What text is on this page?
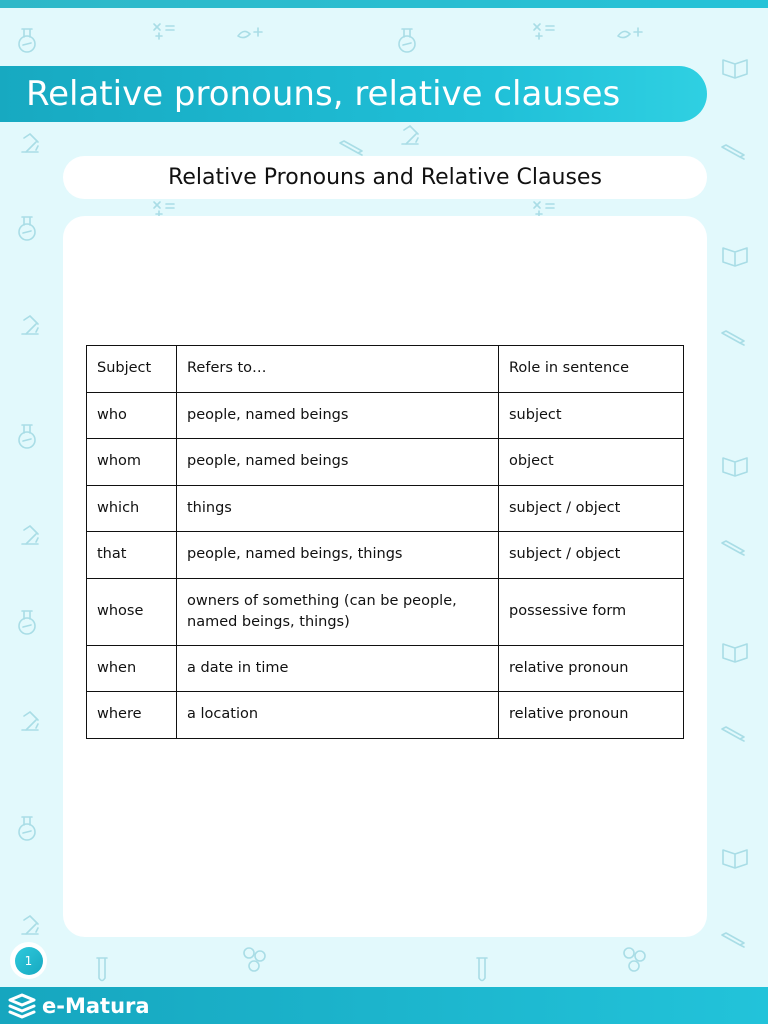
Relative pronouns, relative clauses
Relative Pronouns and Relative Clauses
Subject	Refers to…	Role in sentence
who	people, named beings	subject
whom	people, named beings	object
which	things	subject / object
that	people, named beings, things	subject / object
whose	owners of something (can be people, named beings, things)	possessive form
when	a date in time	relative pronoun
where	a location	relative pronoun
1
e-Matura
